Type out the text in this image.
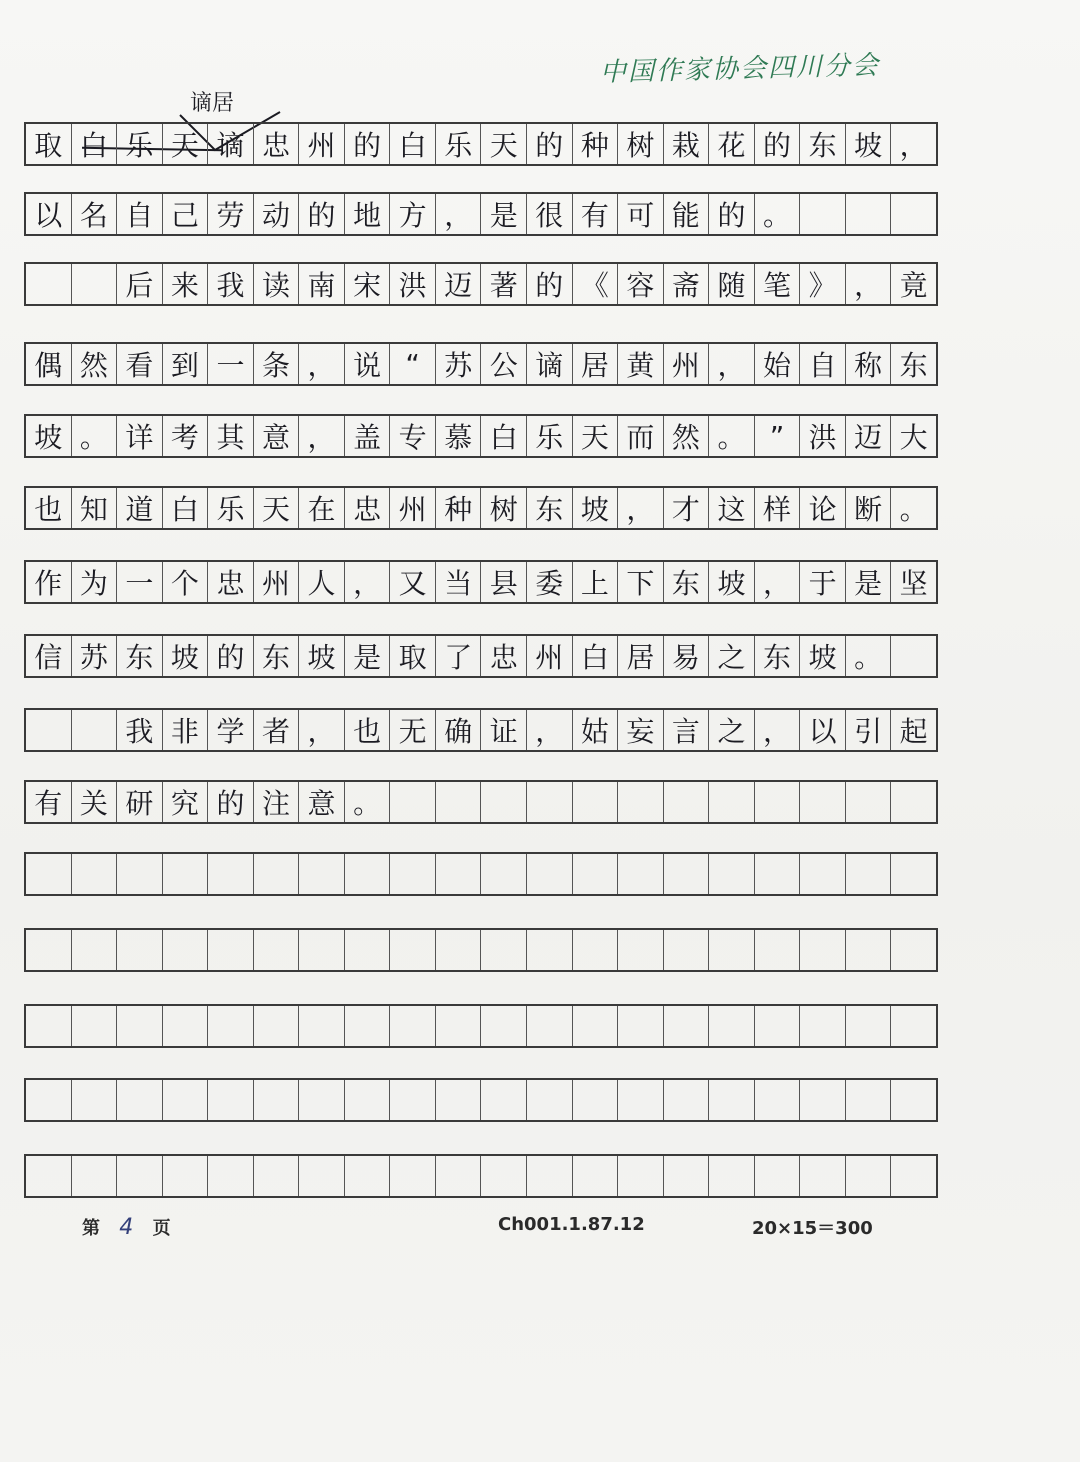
中国作家协会四川分会
谪居
取 白 乐 天 谪 忠 州 的 白 乐 天 的 种 树 栽 花 的 东 坡 ，
以 名 自 己 劳 动 的 地 方 ， 是 很 有 可 能 的 。
后 来 我 读 南 宋 洪 迈 著 的 《 容 斋 随 笔 》 ， 竟
偶 然 看 到 一 条 ， 说 “ 苏 公 谪 居 黄 州 ， 始 自 称 东
坡 。 详 考 其 意 ， 盖 专 慕 白 乐 天 而 然 。 ” 洪 迈 大
也 知 道 白 乐 天 在 忠 州 种 树 东 坡 ， 才 这 样 论 断 。
作 为 一 个 忠 州 人 ， 又 当 县 委 上 下 东 坡 ， 于 是 坚
信 苏 东 坡 的 东 坡 是 取 了 忠 州 白 居 易 之 东 坡 。
我 非 学 者 ， 也 无 确 证 ， 姑 妄 言 之 ， 以 引 起
有 关 研 究 的 注 意 。
第 4 页	Ch001.1.87.12	20×15＝300
